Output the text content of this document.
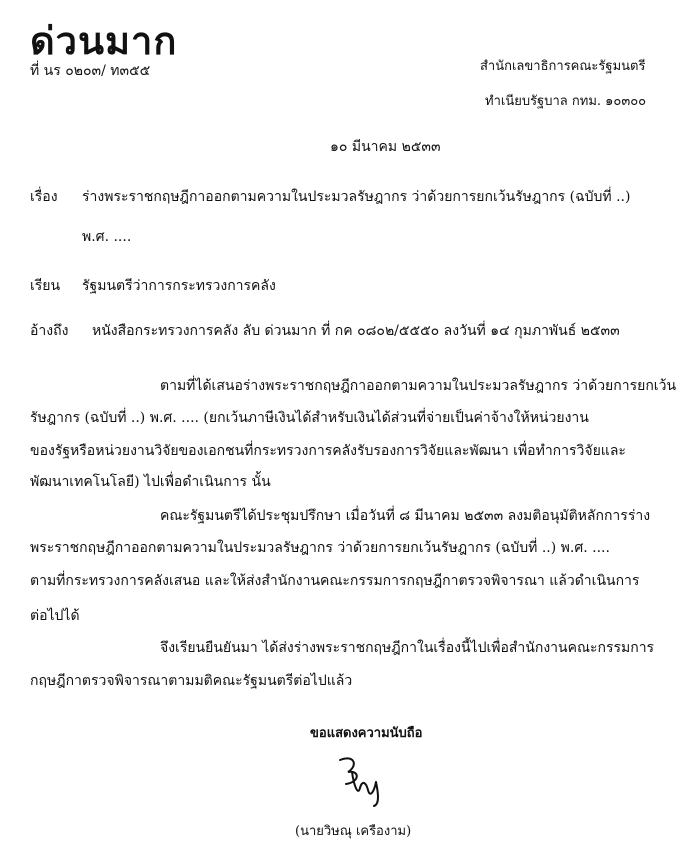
ด่วนมาก
ที่ นร ๐๒๐๓/ ท๓๕๕	สำนักเลขาธิการคณะรัฐมนตรี
ทำเนียบรัฐบาล กทม. ๑๐๓๐๐
๑๐ มีนาคม ๒๕๓๓
เรื่อง ร่างพระราชกฤษฎีกาออกตามความในประมวลรัษฎากร ว่าด้วยการยกเว้นรัษฎากร (ฉบับที่ ..)
พ.ศ. ....
เรียน รัฐมนตรีว่าการกระทรวงการคลัง
อ้างถึง หนังสือกระทรวงการคลัง ลับ ด่วนมาก ที่ กค ๐๘๐๒/๕๕๕๐ ลงวันที่ ๑๔ กุมภาพันธ์ ๒๕๓๓
ตามที่ได้เสนอร่างพระราชกฤษฎีกาออกตามความในประมวลรัษฎากร ว่าด้วยการยกเว้น
รัษฎากร (ฉบับที่ ..) พ.ศ. .... (ยกเว้นภาษีเงินได้สำหรับเงินได้ส่วนที่จ่ายเป็นค่าจ้างให้หน่วยงาน
ของรัฐหรือหน่วยงานวิจัยของเอกชนที่กระทรวงการคลังรับรองการวิจัยและพัฒนา เพื่อทำการวิจัยและ
พัฒนาเทคโนโลยี) ไปเพื่อดำเนินการ นั้น
คณะรัฐมนตรีได้ประชุมปรึกษา เมื่อวันที่ ๘ มีนาคม ๒๕๓๓ ลงมติอนุมัติหลักการร่าง
พระราชกฤษฎีกาออกตามความในประมวลรัษฎากร ว่าด้วยการยกเว้นรัษฎากร (ฉบับที่ ..) พ.ศ. ....
ตามที่กระทรวงการคลังเสนอ และให้ส่งสำนักงานคณะกรรมการกฤษฎีกาตรวจพิจารณา แล้วดำเนินการ
ต่อไปได้
จึงเรียนยืนยันมา ได้ส่งร่างพระราชกฤษฎีกาในเรื่องนี้ไปเพื่อสำนักงานคณะกรรมการ
กฤษฎีกาตรวจพิจารณาตามมติคณะรัฐมนตรีต่อไปแล้ว
ขอแสดงความนับถือ
(นายวิษณุ เครืองาม)
